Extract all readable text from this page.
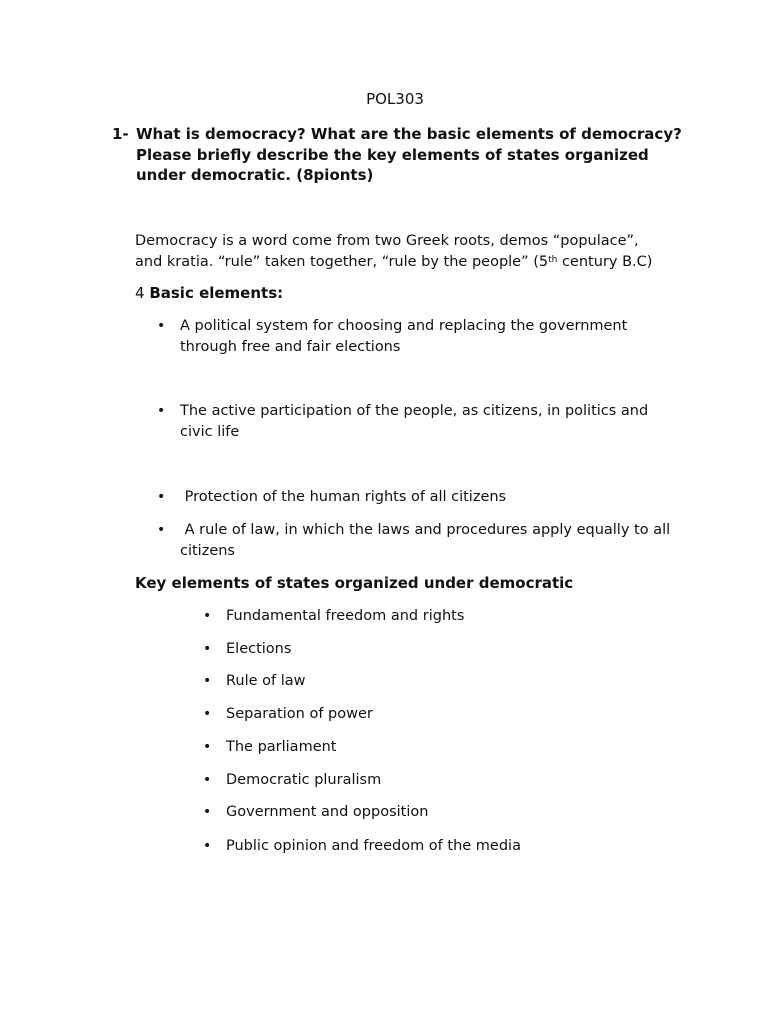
POL303
1- What is democracy? What are the basic elements of democracy? Please briefly describe the key elements of states organized under democratic. (8pionts)
Democracy is a word come from two Greek roots, demos “populace”,
and kratia. “rule” taken together, “rule by the people” (5th century B.C)
4 Basic elements:
• A political system for choosing and replacing the government through free and fair elections
• The active participation of the people, as citizens, in politics and civic life
• Protection of the human rights of all citizens
• A rule of law, in which the laws and procedures apply equally to all citizens
Key elements of states organized under democratic
• Fundamental freedom and rights
• Elections
• Rule of law
• Separation of power
• The parliament
• Democratic pluralism
• Government and opposition
• Public opinion and freedom of the media
